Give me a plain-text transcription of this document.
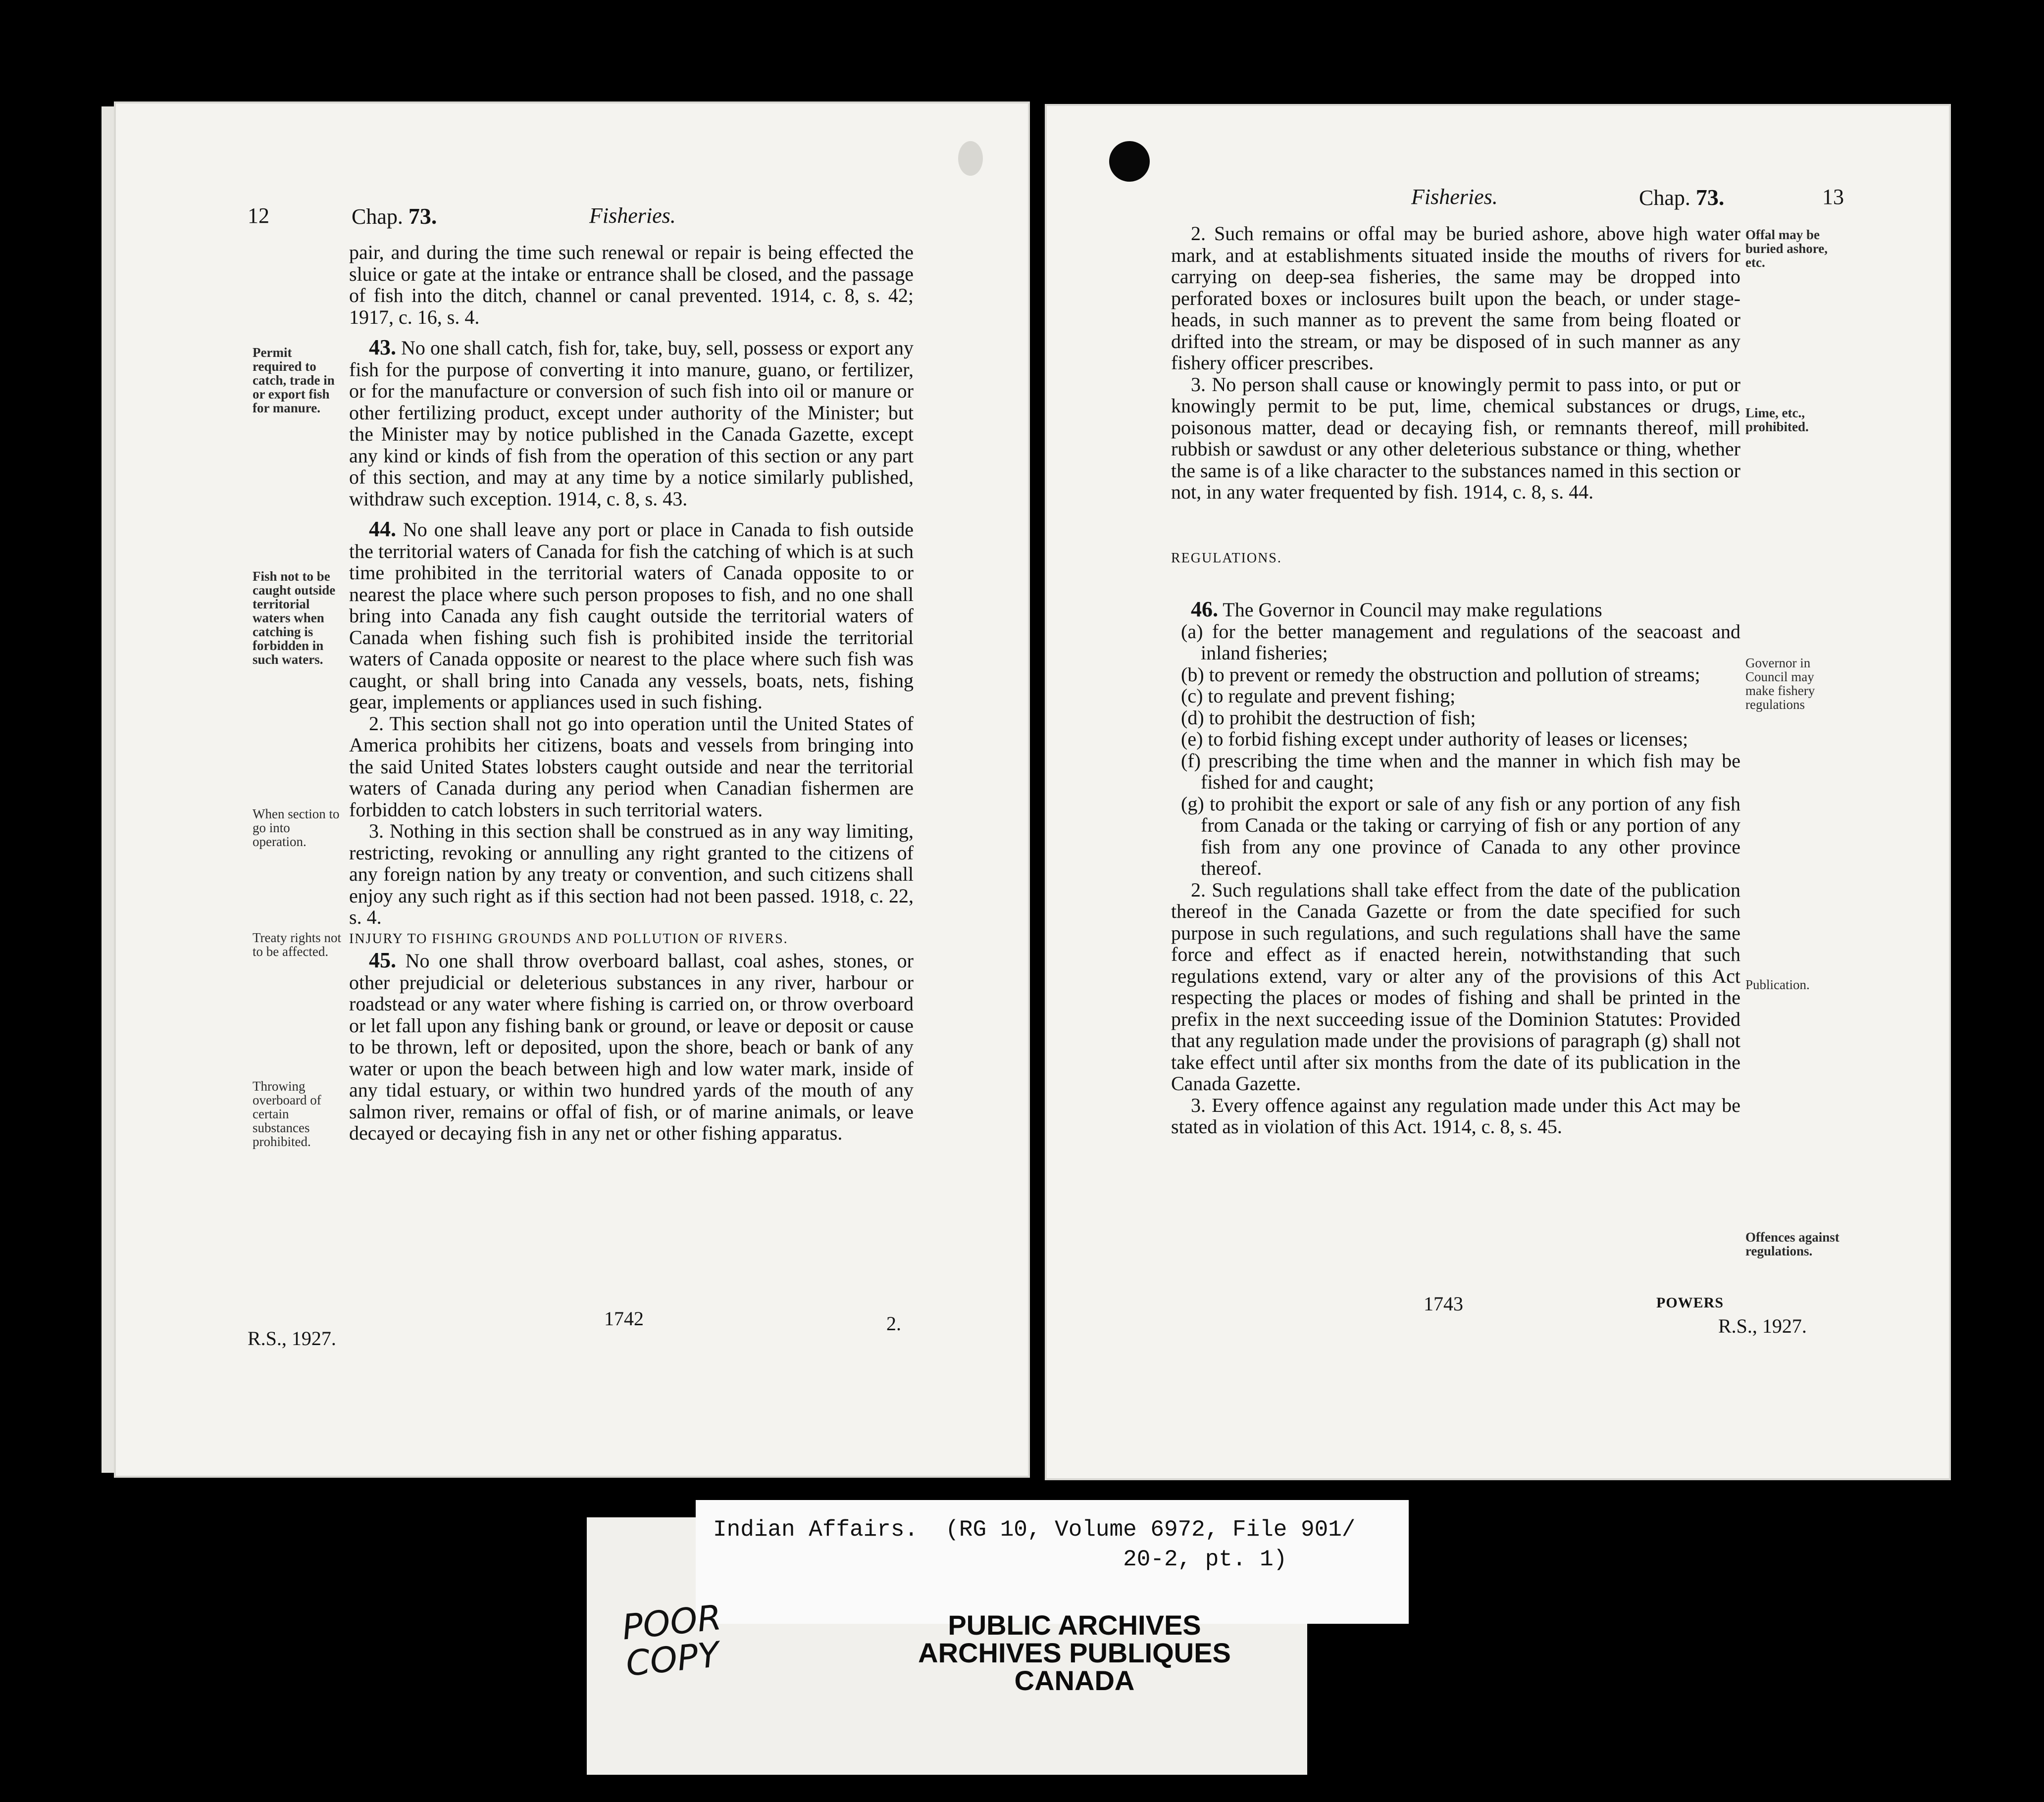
12	Chap. 73.	Fisheries.

pair, and during the time such renewal or repair is being effected the sluice or gate at the intake or entrance shall be closed, and the passage of fish into the ditch, channel or canal prevented. 1914, c. 8, s. 42; 1917, c. 16, s. 4.

43. No one shall catch, fish for, take, buy, sell, possess or export any fish for the purpose of converting it into manure, guano, or fertilizer, or for the manufacture or conversion of such fish into oil or manure or other fertilizing product, except under authority of the Minister; but the Minister may by notice published in the Canada Gazette, except any kind or kinds of fish from the operation of this section or any part of this section, and may at any time by a notice similarly published, withdraw such exception. 1914, c. 8, s. 43.

44. No one shall leave any port or place in Canada to fish outside the territorial waters of Canada for fish the catching of which is at such time prohibited in the territorial waters of Canada opposite to or nearest the place where such person proposes to fish, and no one shall bring into Canada any fish caught outside the territorial waters of Canada when fishing such fish is prohibited inside the territorial waters of Canada opposite or nearest to the place where such fish was caught, or shall bring into Canada any vessels, boats, nets, fishing gear, implements or appliances used in such fishing.

2. This section shall not go into operation until the United States of America prohibits her citizens, boats and vessels from bringing into the said United States lobsters caught outside and near the territorial waters of Canada during any period when Canadian fishermen are forbidden to catch lobsters in such territorial waters.

3. Nothing in this section shall be construed as in any way limiting, restricting, revoking or annulling any right granted to the citizens of any foreign nation by any treaty or convention, and such citizens shall enjoy any such right as if this section had not been passed. 1918, c. 22, s. 4.

INJURY TO FISHING GROUNDS AND POLLUTION OF RIVERS.

45. No one shall throw overboard ballast, coal ashes, stones, or other prejudicial or deleterious substances in any river, harbour or roadstead or any water where fishing is carried on, or throw overboard or let fall upon any fishing bank or ground, or leave or deposit or cause to be thrown, left or deposited, upon the shore, beach or bank of any water or upon the beach between high and low water mark, inside of any tidal estuary, or within two hundred yards of the mouth of any salmon river, remains or offal of fish, or of marine animals, or leave decayed or decaying fish in any net or other fishing apparatus.

Permit required to catch, trade in or export fish for manure.
Fish not to be caught outside territorial waters when catching is forbidden in such waters.
When section to go into operation.
Treaty rights not to be affected.
Throwing overboard of certain substances prohibited.
1742	2.
R.S., 1927.
Fisheries.	Chap. 73.	13

2. Such remains or offal may be buried ashore, above high water mark, and at establishments situated inside the mouths of rivers for carrying on deep-sea fisheries, the same may be dropped into perforated boxes or inclosures built upon the beach, or under stage-heads, in such manner as to prevent the same from being floated or drifted into the stream, or may be disposed of in such manner as any fishery officer prescribes.

3. No person shall cause or knowingly permit to pass into, or put or knowingly permit to be put, lime, chemical substances or drugs, poisonous matter, dead or decaying fish, or remnants thereof, mill rubbish or sawdust or any other deleterious substance or thing, whether the same is of a like character to the substances named in this section or not, in any water frequented by fish. 1914, c. 8, s. 44.

REGULATIONS.

46. The Governor in Council may make regulations

(a) for the better management and regulations of the seacoast and inland fisheries;

(b) to prevent or remedy the obstruction and pollution of streams;

(c) to regulate and prevent fishing;

(d) to prohibit the destruction of fish;

(e) to forbid fishing except under authority of leases or licenses;

(f) prescribing the time when and the manner in which fish may be fished for and caught;

(g) to prohibit the export or sale of any fish or any portion of any fish from Canada or the taking or carrying of fish or any portion of any fish from any one province of Canada to any other province thereof.

2. Such regulations shall take effect from the date of the publication thereof in the Canada Gazette or from the date specified for such purpose in such regulations, and such regulations shall have the same force and effect as if enacted herein, notwithstanding that such regulations extend, vary or alter any of the provisions of this Act respecting the places or modes of fishing and shall be printed in the prefix in the next succeeding issue of the Dominion Statutes: Provided that any regulation made under the provisions of paragraph (g) shall not take effect until after six months from the date of its publication in the Canada Gazette.

3. Every offence against any regulation made under this Act may be stated as in violation of this Act. 1914, c. 8, s. 45.

Offal may be buried ashore, etc.
Lime, etc., prohibited.
Governor in Council may make fishery regulations
Publication.
Offences against regulations.
1743	POWERS
R.S., 1927.
Indian Affairs.  (RG 10, Volume 6972, File 901/
20-2, pt. 1)
POOR
COPY
PUBLIC ARCHIVES
ARCHIVES PUBLIQUES
CANADA
